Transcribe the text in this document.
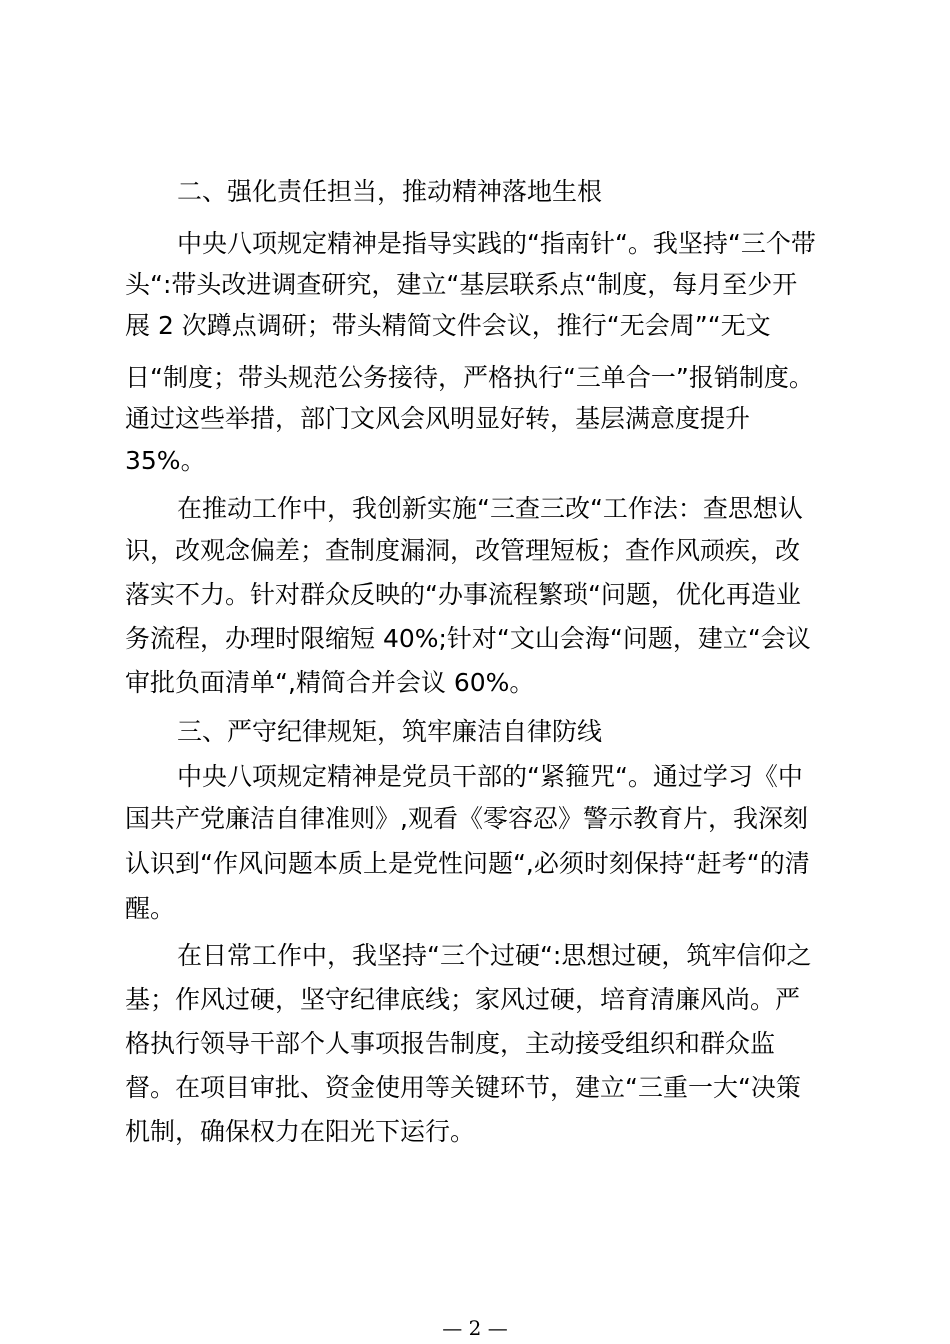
二、强化责任担当，推动精神落地生根
中央八项规定精神是指导实践的“指南针“。我坚持“三个带
头“:带头改进调查研究，建立“基层联系点“制度，每月至少开
展 2 次蹲点调研；带头精简文件会议，推行“无会周”“无文
日“制度；带头规范公务接待，严格执行“三单合一”报销制度。
通过这些举措，部门文风会风明显好转，基层满意度提升
35%。
在推动工作中，我创新实施“三查三改“工作法：查思想认
识，改观念偏差；查制度漏洞，改管理短板；查作风顽疾，改
落实不力。针对群众反映的“办事流程繁琐“问题，优化再造业
务流程，办理时限缩短 40%;针对“文山会海“问题，建立“会议
审批负面清单“,精简合并会议 60%。
三、严守纪律规矩，筑牢廉洁自律防线
中央八项规定精神是党员干部的“紧箍咒“。通过学习《中
国共产党廉洁自律准则》,观看《零容忍》警示教育片，我深刻
认识到“作风问题本质上是党性问题“,必须时刻保持“赶考“的清
醒。
在日常工作中，我坚持“三个过硬“:思想过硬，筑牢信仰之
基；作风过硬，坚守纪律底线；家风过硬，培育清廉风尚。严
格执行领导干部个人事项报告制度，主动接受组织和群众监
督。在项目审批、资金使用等关键环节，建立“三重一大“决策
机制，确保权力在阳光下运行。
— 2 —
